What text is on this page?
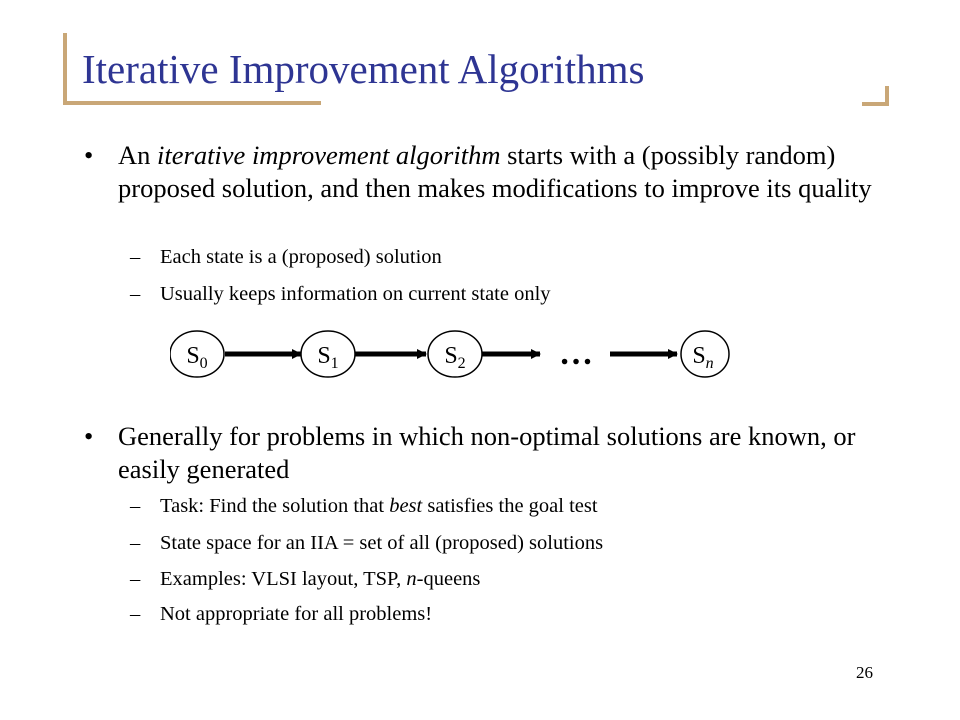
Iterative Improvement Algorithms
• An iterative improvement algorithm starts with a (possibly random) proposed solution, and then makes modifications to improve its quality
– Each state is a (proposed) solution
– Usually keeps information on current state only
$S_0$	$S_1$	$S_2$	…	$S_n$
• Generally for problems in which non-optimal solutions are known, or easily generated
– Task: Find the solution that best satisfies the goal test
– State space for an IIA = set of all (proposed) solutions
– Examples: VLSI layout, TSP, n-queens
– Not appropriate for all problems!
26
